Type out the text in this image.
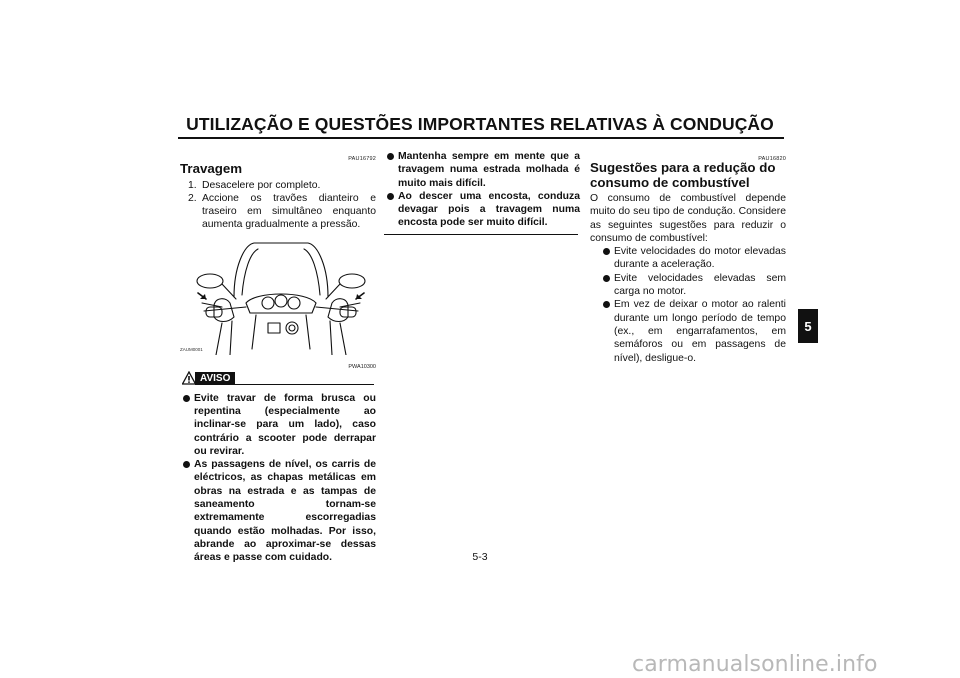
UTILIZAÇÃO E QUESTÕES IMPORTANTES RELATIVAS À CONDUÇÃO
5
PAU16792
Travagem
1. Desacelere por completo.
2. Accione os travões dianteiro e traseiro em simultâneo enquanto aumenta gradualmente a pressão.
ZAUM0001
PWA10300
AVISO
Evite travar de forma brusca ou repentina (especialmente ao inclinar-se para um lado), caso contrário a scooter pode derrapar ou revirar.
As passagens de nível, os carris de eléctricos, as chapas metálicas em obras na estrada e as tampas de saneamento tornam-se extremamente escorregadias quando estão molhadas. Por isso, abrande ao aproximar-se dessas áreas e passe com cuidado.
Mantenha sempre em mente que a travagem numa estrada molhada é muito mais difícil.
Ao descer uma encosta, conduza devagar pois a travagem numa encosta pode ser muito difícil.
PAU16820
Sugestões para a redução do consumo de combustível

O consumo de combustível depende muito do seu tipo de condução. Considere as seguintes sugestões para reduzir o consumo de combustível:

Evite velocidades do motor elevadas durante a aceleração.
Evite velocidades elevadas sem carga no motor.
Em vez de deixar o motor ao ralenti durante um longo período de tempo (ex., em engarrafamentos, em semáforos ou em passagens de nível), desligue-o.
5-3
carmanualsonline.info
